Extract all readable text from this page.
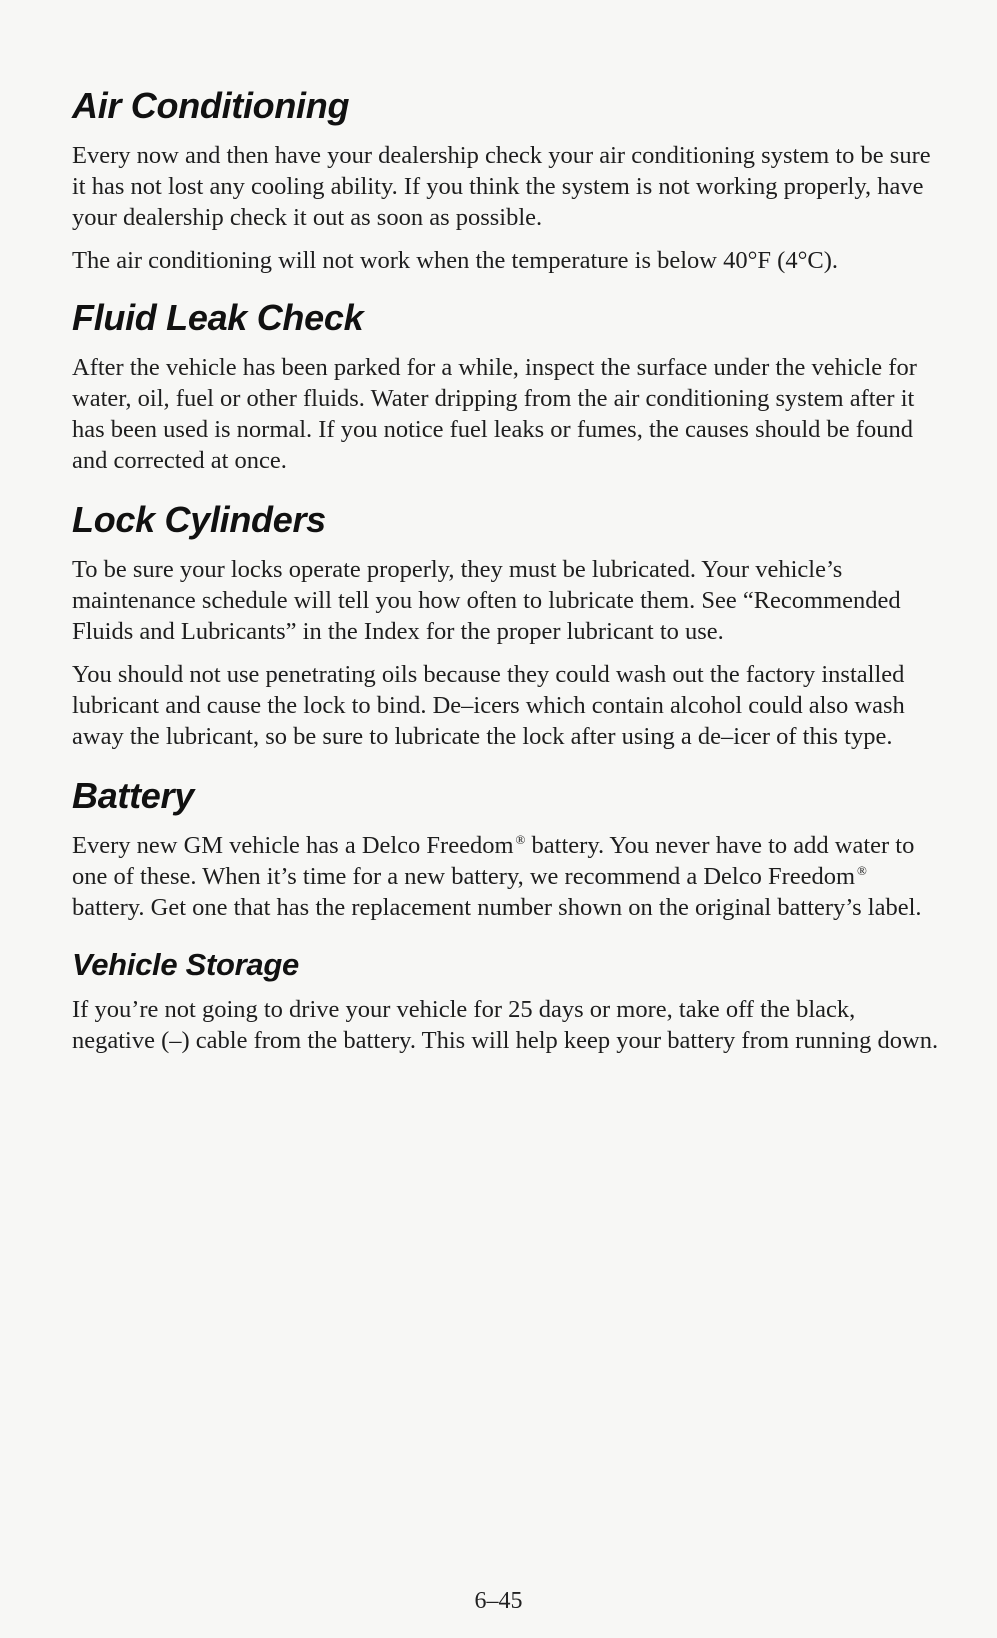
Air Conditioning

Every now and then have your dealership check your air conditioning system to be sure it has not lost any cooling ability. If you think the system is not working properly, have your dealership check it out as soon as possible.

The air conditioning will not work when the temperature is below 40°F (4°C).

Fluid Leak Check

After the vehicle has been parked for a while, inspect the surface under the vehicle for water, oil, fuel or other fluids. Water dripping from the air conditioning system after it has been used is normal. If you notice fuel leaks or fumes, the causes should be found and corrected at once.

Lock Cylinders

To be sure your locks operate properly, they must be lubricated. Your vehicle’s maintenance schedule will tell you how often to lubricate them. See “Recommended Fluids and Lubricants” in the Index for the proper lubricant to use.

You should not use penetrating oils because they could wash out the factory installed lubricant and cause the lock to bind. De–icers which contain alcohol could also wash away the lubricant, so be sure to lubricate the lock after using a de–icer of this type.

Battery

Every new GM vehicle has a Delco Freedom ® battery. You never have to add water to one of these. When it’s time for a new battery, we recommend a Delco Freedom ® battery. Get one that has the replacement number shown on the original battery’s label.

Vehicle Storage

If you’re not going to drive your vehicle for 25 days or more, take off the black, negative (–) cable from the battery. This will help keep your battery from running down.

6–45
